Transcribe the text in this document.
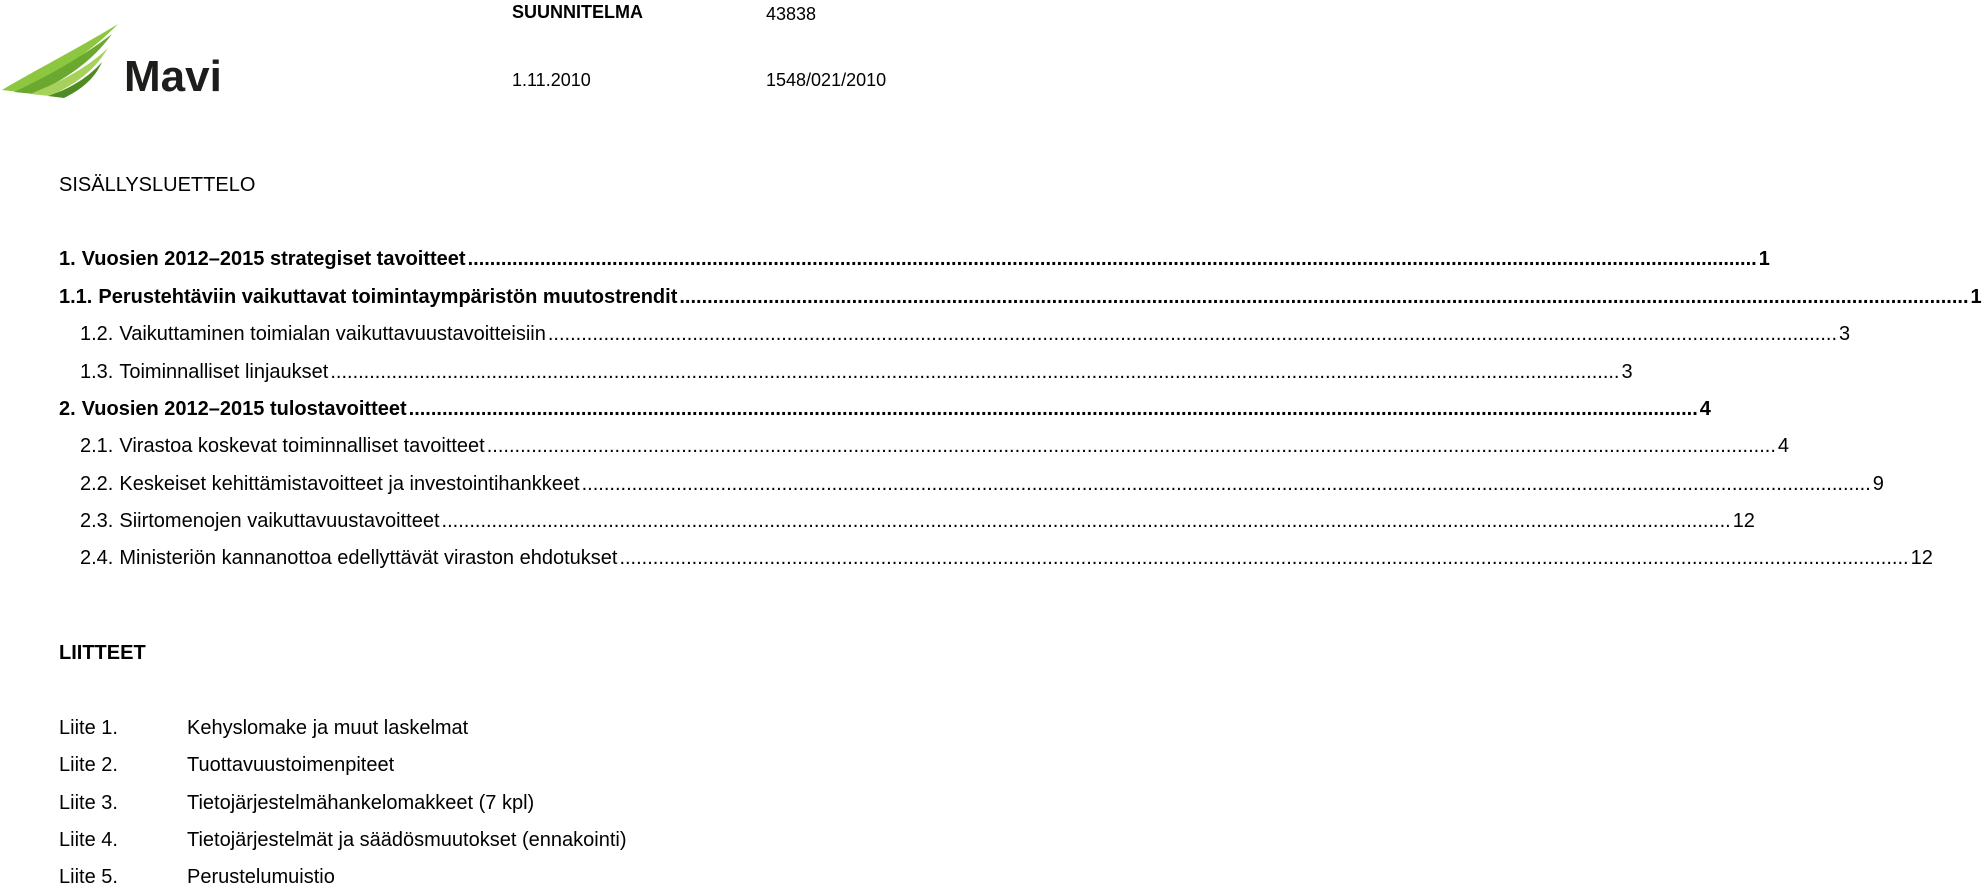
Mavi
SUUNNITELMA	43838
1.11.2010	1548/021/2010
SISÄLLYSLUETTELO
1. Vuosien 2012–2015 strategiset tavoitteet .....	1
1.1. Perustehtäviin vaikuttavat toimintaympäristön muutostrendit .....	1
1.2. Vaikuttaminen toimialan vaikuttavuustavoitteisiin .....	3
1.3. Toiminnalliset linjaukset .....	3
2. Vuosien 2012–2015 tulostavoitteet .....	4
2.1. Virastoa koskevat toiminnalliset tavoitteet .....	4
2.2. Keskeiset kehittämistavoitteet ja investointihankkeet .....	9
2.3. Siirtomenojen vaikuttavuustavoitteet .....	12
2.4. Ministeriön kannanottoa edellyttävät viraston ehdotukset .....	12
LIITTEET
Liite 1.	Kehyslomake ja muut laskelmat
Liite 2.	Tuottavuustoimenpiteet
Liite 3.	Tietojärjestelmähankelomakkeet (7 kpl)
Liite 4.	Tietojärjestelmät ja säädösmuutokset (ennakointi)
Liite 5.	Perustelumuistio
